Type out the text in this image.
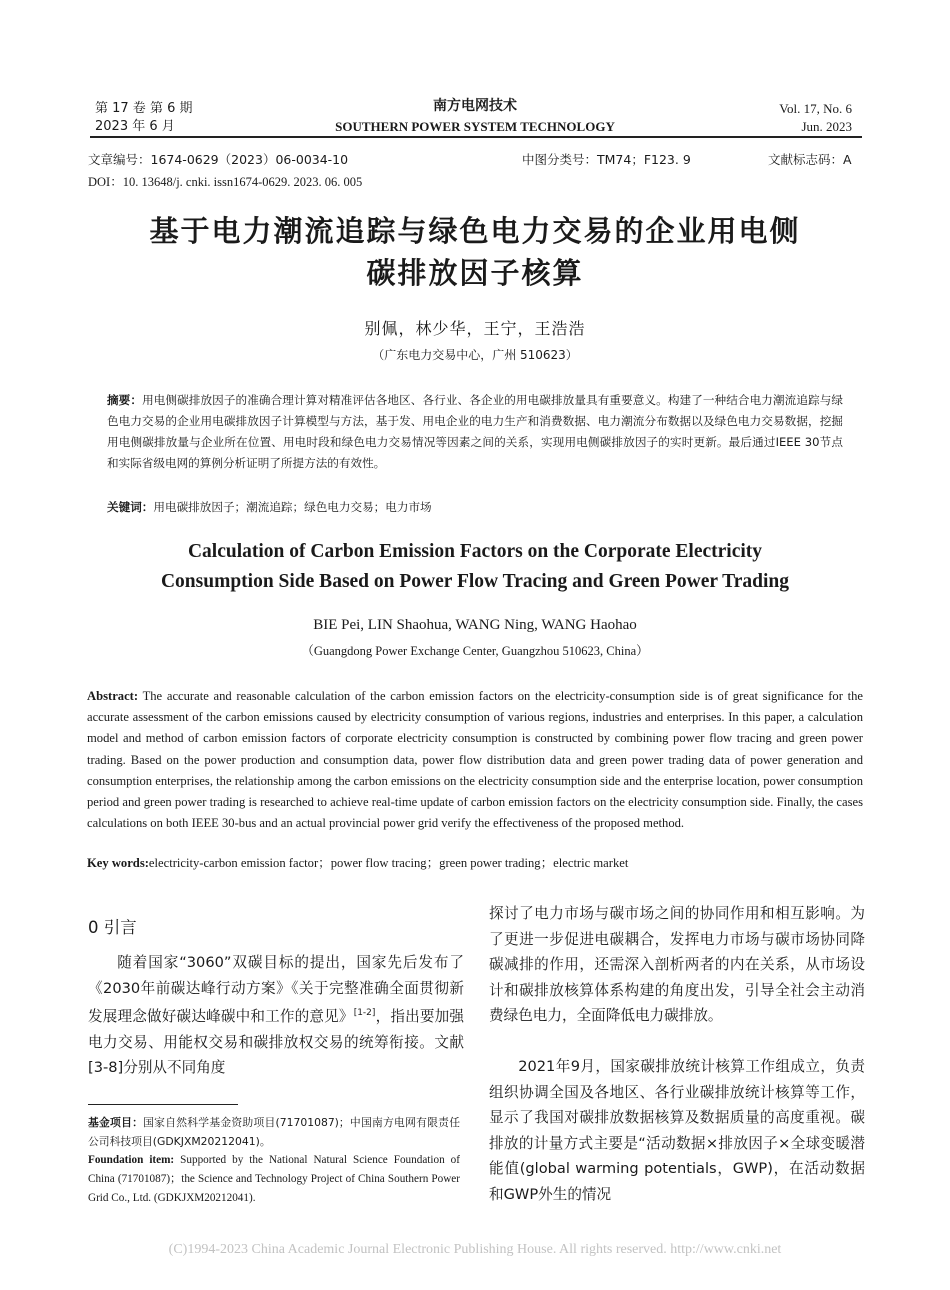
第 17 卷 第 6 期
2023 年 6 月
南方电网技术
SOUTHERN POWER SYSTEM TECHNOLOGY
Vol. 17, No. 6
Jun. 2023
文章编号：1674-0629（2023）06-0034-10	中图分类号：TM74；F123. 9	文献标志码：A
DOI：10. 13648/j. cnki. issn1674-0629. 2023. 06. 005
基于电力潮流追踪与绿色电力交易的企业用电侧
碳排放因子核算
别佩，林少华，王宁，王浩浩
（广东电力交易中心，广州 510623）
摘要：用电侧碳排放因子的准确合理计算对精准评估各地区、各行业、各企业的用电碳排放量具有重要意义。构建了一种结合电力潮流追踪与绿色电力交易的企业用电碳排放因子计算模型与方法，基于发、用电企业的电力生产和消费数据、电力潮流分布数据以及绿色电力交易数据，挖掘用电侧碳排放量与企业所在位置、用电时段和绿色电力交易情况等因素之间的关系，实现用电侧碳排放因子的实时更新。最后通过IEEE 30节点和实际省级电网的算例分析证明了所提方法的有效性。
关键词：用电碳排放因子；潮流追踪；绿色电力交易；电力市场
Calculation of Carbon Emission Factors on the Corporate Electricity
Consumption Side Based on Power Flow Tracing and Green Power Trading
BIE Pei, LIN Shaohua, WANG Ning, WANG Haohao
（Guangdong Power Exchange Center, Guangzhou 510623, China）
Abstract: The accurate and reasonable calculation of the carbon emission factors on the electricity-consumption side is of great significance for the accurate assessment of the carbon emissions caused by electricity consumption of various regions, industries and enterprises. In this paper, a calculation model and method of carbon emission factors of corporate electricity consumption is constructed by combining power flow tracing and green power trading. Based on the power production and consumption data, power flow distribution data and green power trading data of power generation and consumption enterprises, the relationship among the carbon emissions on the electricity consumption side and the enterprise location, power consumption period and green power trading is researched to achieve real-time update of carbon emission factors on the electricity consumption side. Finally, the cases calculations on both IEEE 30-bus and an actual provincial power grid verify the effectiveness of the proposed method.
Key words:electricity-carbon emission factor；power flow tracing；green power trading；electric market
0 引言
随着国家“3060”双碳目标的提出，国家先后发布了《2030年前碳达峰行动方案》《关于完整准确全面贯彻新发展理念做好碳达峰碳中和工作的意见》[1-2]，指出要加强电力交易、用能权交易和碳排放权交易的统筹衔接。文献[3-8]分别从不同角度
基金项目：国家自然科学基金资助项目(71701087)；中国南方电网有限责任公司科技项目(GDKJXM20212041)。
Foundation item: Supported by the National Natural Science Foundation of China (71701087)；the Science and Technology Project of China Southern Power Grid Co., Ltd. (GDKJXM20212041).
探讨了电力市场与碳市场之间的协同作用和相互影响。为了更进一步促进电碳耦合，发挥电力市场与碳市场协同降碳减排的作用，还需深入剖析两者的内在关系，从市场设计和碳排放核算体系构建的角度出发，引导全社会主动消费绿色电力，全面降低电力碳排放。
2021年9月，国家碳排放统计核算工作组成立，负责组织协调全国及各地区、各行业碳排放统计核算等工作，显示了我国对碳排放数据核算及数据质量的高度重视。碳排放的计量方式主要是“活动数据×排放因子×全球变暖潜能值(global warming potentials，GWP)，在活动数据和GWP外生的情况
(C)1994-2023 China Academic Journal Electronic Publishing House. All rights reserved. http://www.cnki.net
